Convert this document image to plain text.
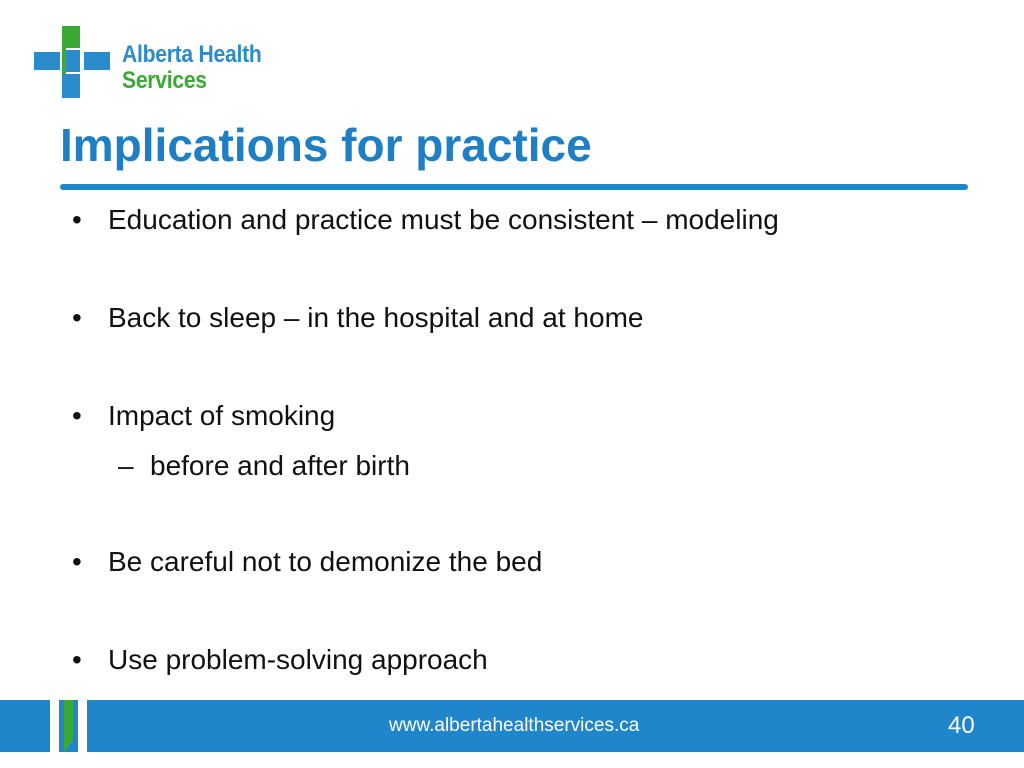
Alberta Health
Services
Implications for practice
• Education and practice must be consistent – modeling
• Back to sleep – in the hospital and at home
• Impact of smoking
– before and after birth
• Be careful not to demonize the bed
• Use problem-solving approach
www.albertahealthservices.ca	40
